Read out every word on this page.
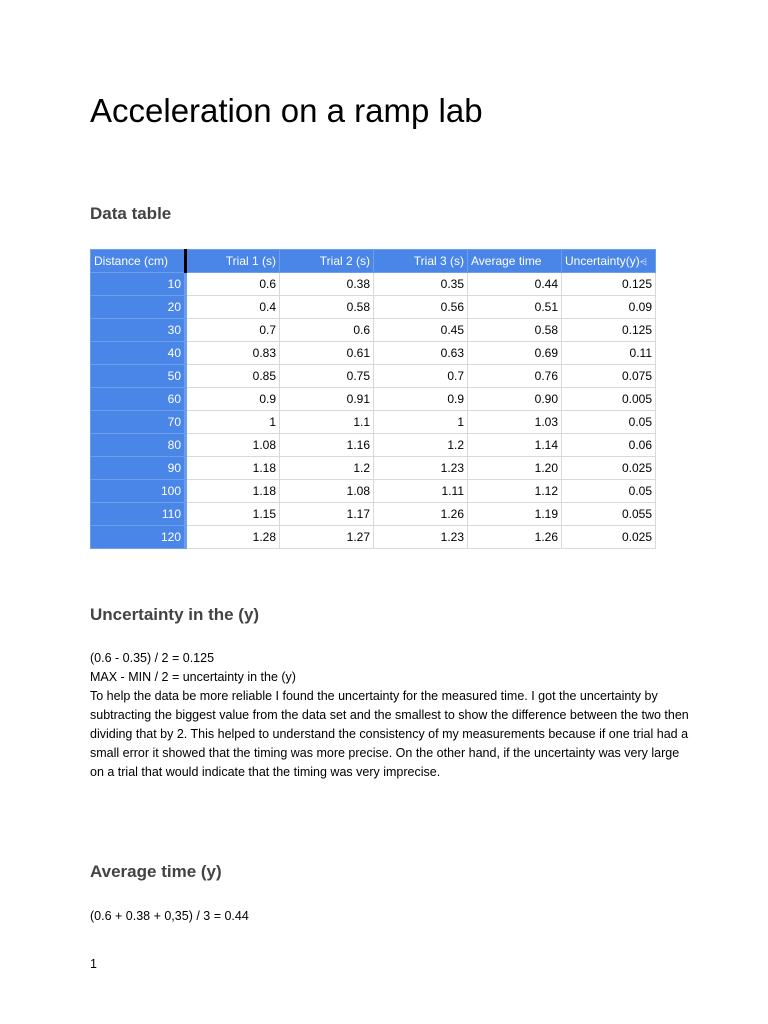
Acceleration on a ramp lab
Data table
Distance (cm)	Trial 1 (s)	Trial 2 (s)	Trial 3 (s)	Average time	Uncertainty(y)⩤
10	0.6	0.38	0.35	0.44	0.125
20	0.4	0.58	0.56	0.51	0.09
30	0.7	0.6	0.45	0.58	0.125
40	0.83	0.61	0.63	0.69	0.11
50	0.85	0.75	0.7	0.76	0.075
60	0.9	0.91	0.9	0.90	0.005
70	1	1.1	1	1.03	0.05
80	1.08	1.16	1.2	1.14	0.06
90	1.18	1.2	1.23	1.20	0.025
100	1.18	1.08	1.11	1.12	0.05
110	1.15	1.17	1.26	1.19	0.055
120	1.28	1.27	1.23	1.26	0.025
Uncertainty in the (y)

(0.6 - 0.35) / 2 = 0.125

MAX - MIN / 2 = uncertainty in the (y)

To help the data be more reliable I found the uncertainty for the measured time. I got the uncertainty by subtracting the biggest value from the data set and the smallest to show the difference between the two then dividing that by 2. This helped to understand the consistency of my measurements because if one trial had a small error it showed that the timing was more precise. On the other hand, if the uncertainty was very large on a trial that would indicate that the timing was very imprecise.

Average time (y)

(0.6 + 0.38 + 0,35) / 3 = 0.44

1
